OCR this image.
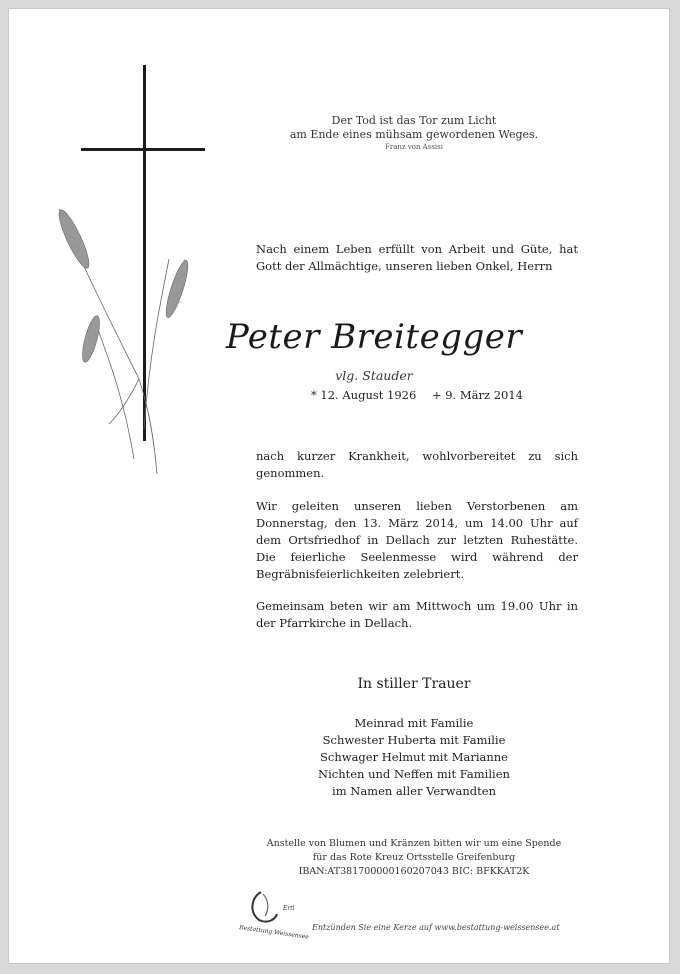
Der Tod ist das Tor zum Licht
am Ende eines mühsam gewordenen Weges.
Franz von Assisi

Nach einem Leben erfüllt von Arbeit und Güte, hat Gott der Allmächtige, unseren lieben Onkel, Herrn

Peter Breitegger
vlg. Stauder
* 12. August 1926 + 9. März 2014

nach kurzer Krankheit, wohlvorbereitet zu sich genommen.

Wir geleiten unseren lieben Verstorbenen am Donnerstag, den 13. März 2014, um 14.00 Uhr auf dem Ortsfriedhof in Dellach zur letzten Ruhestätte. Die feierliche Seelenmesse wird während der Begräbnisfeierlichkeiten zelebriert.

Gemeinsam beten wir am Mittwoch um 19.00 Uhr in der Pfarrkirche in Dellach.

In stiller Trauer
Meinrad mit Familie
Schwester Huberta mit Familie
Schwager Helmut mit Marianne
Nichten und Neffen mit Familien
im Namen aller Verwandten
Anstelle von Blumen und Kränzen bitten wir um eine Spende
für das Rote Kreuz Ortsstelle Greifenburg
IBAN:AT381700000160207043 BIC: BFKKAT2K
Ertl
Bestattung Weissensee Entzünden Sie eine Kerze auf www.bestattung-weissensee.at
